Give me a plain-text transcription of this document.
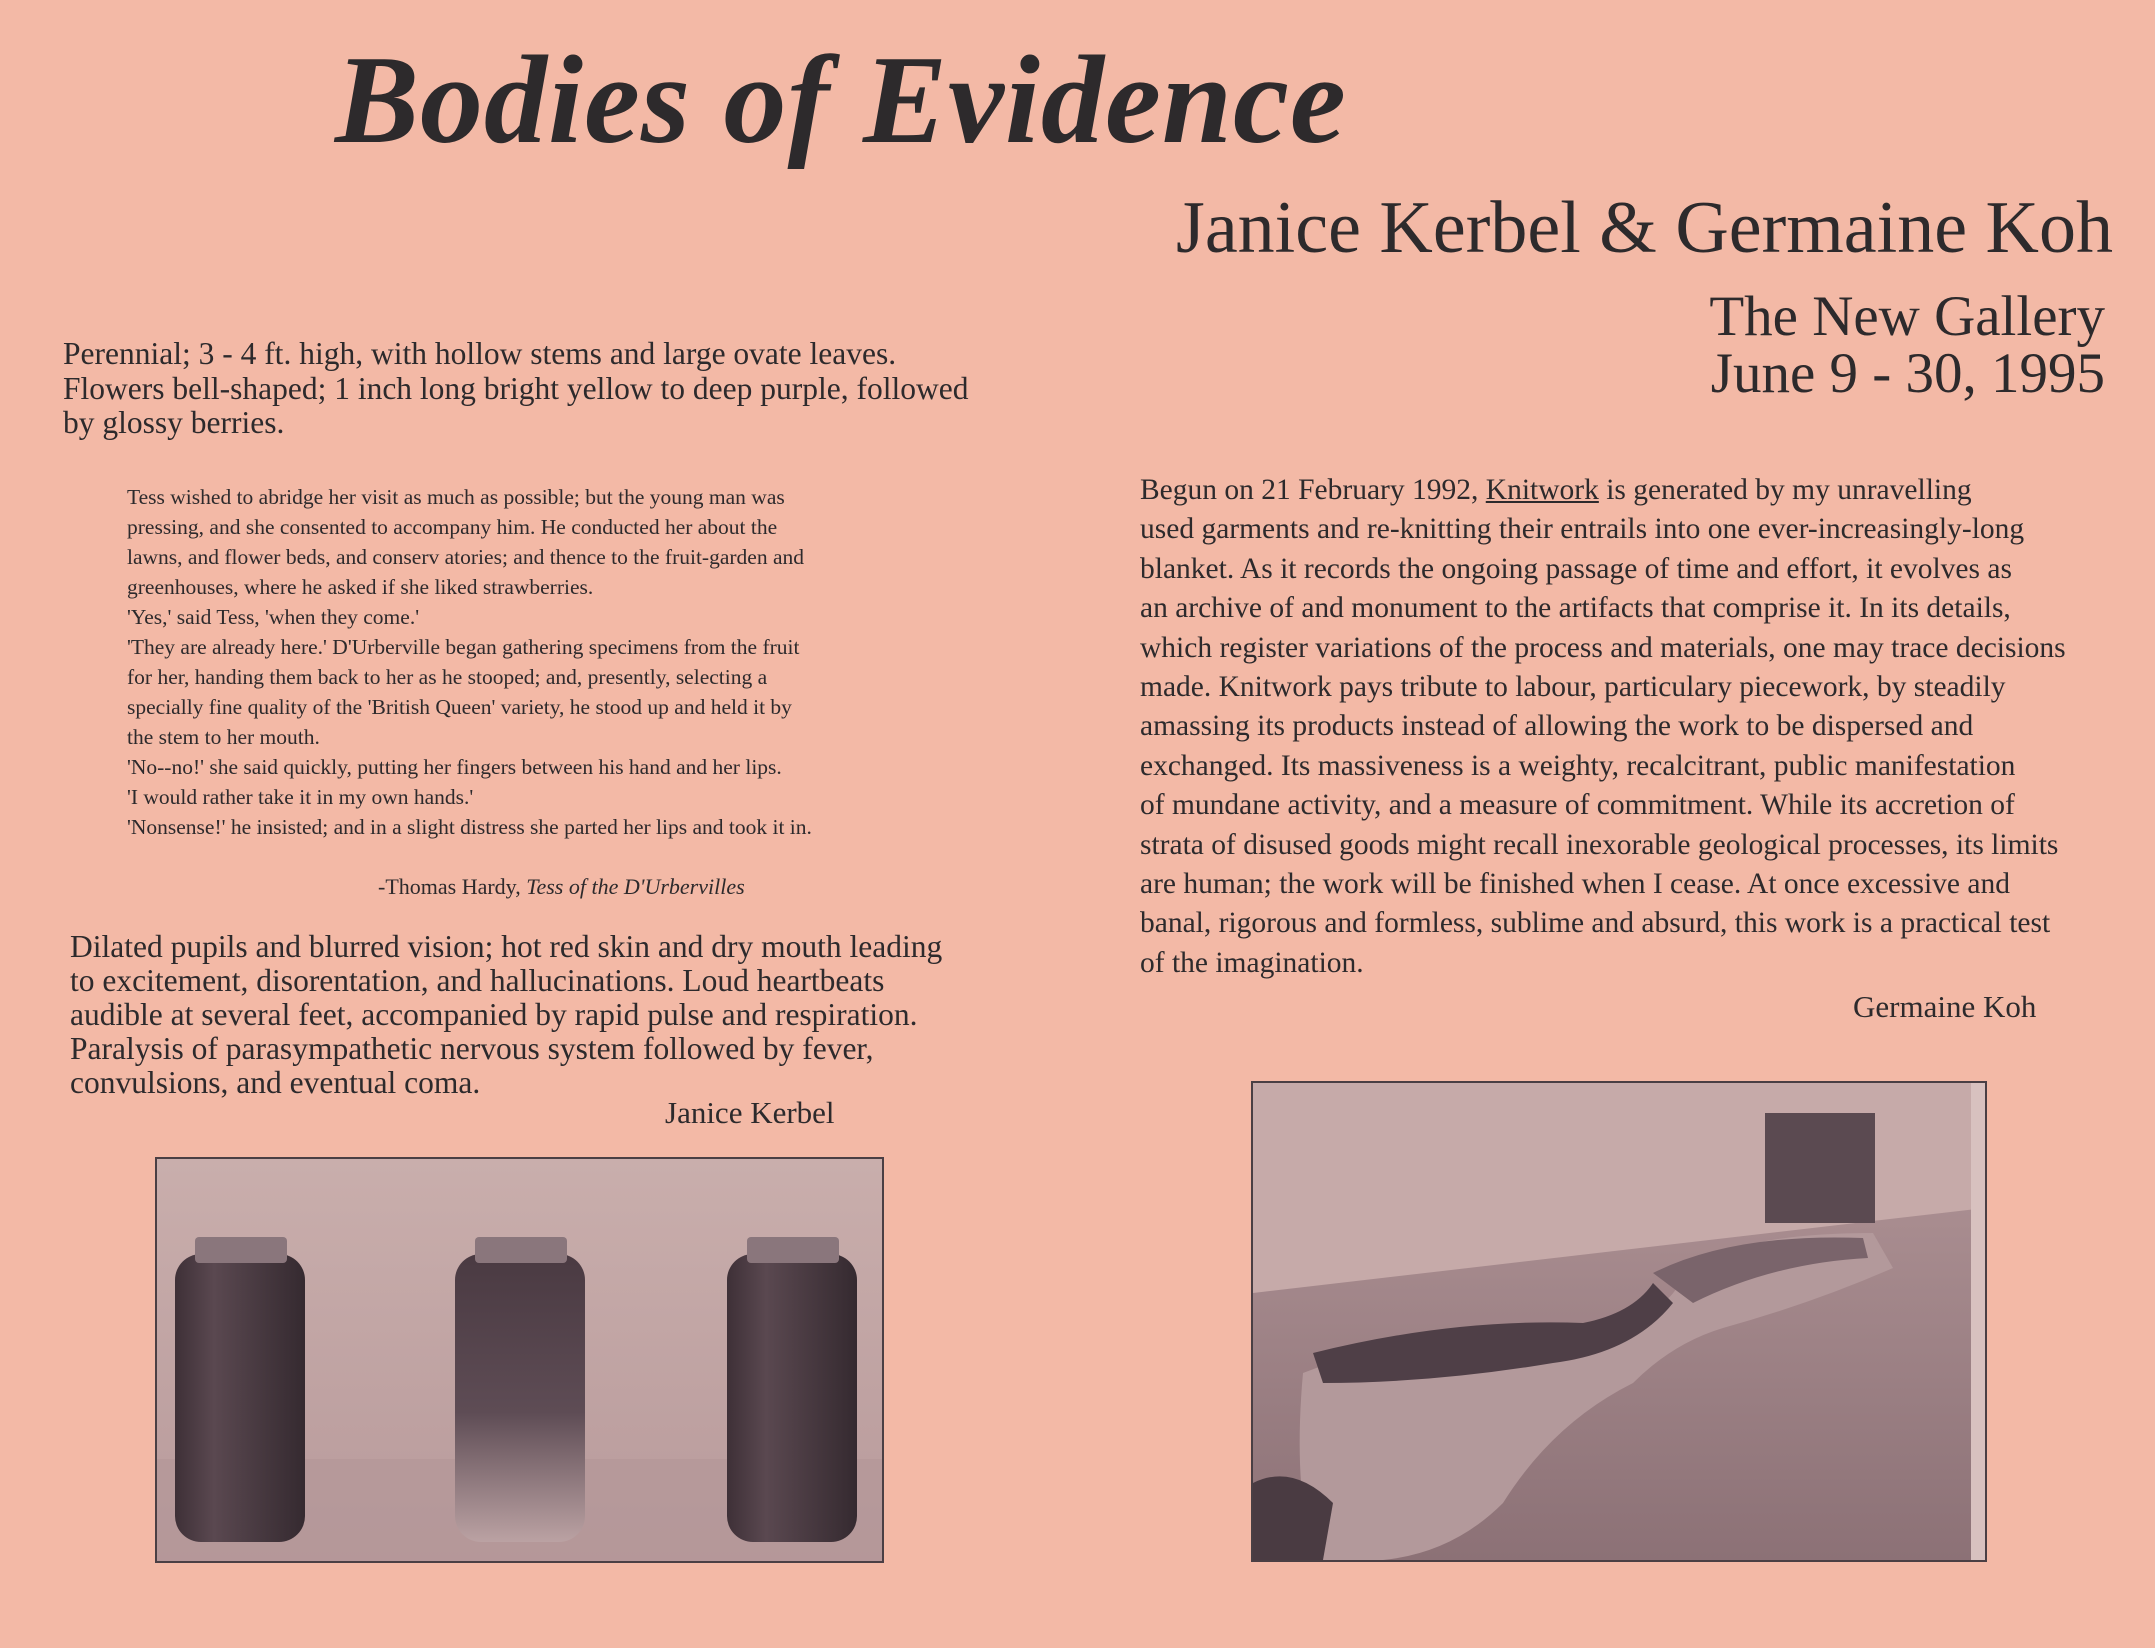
Bodies of Evidence
Janice Kerbel & Germaine Koh
The New Gallery
June 9 - 30, 1995
Perennial; 3 - 4 ft. high, with hollow stems and large ovate leaves.
Flowers bell-shaped; 1 inch long bright yellow to deep purple, followed
by glossy berries.
Tess wished to abridge her visit as much as possible; but the young man was
pressing, and she consented to accompany him. He conducted her about the
lawns, and flower beds, and conserv atories; and thence to the fruit-garden and
greenhouses, where he asked if she liked strawberries.
'Yes,' said Tess, 'when they come.'
'They are already here.' D'Urberville began gathering specimens from the fruit
for her, handing them back to her as he stooped; and, presently, selecting a
specially fine quality of the 'British Queen' variety, he stood up and held it by
the stem to her mouth.
'No--no!' she said quickly, putting her fingers between his hand and her lips.
'I would rather take it in my own hands.'
'Nonsense!' he insisted; and in a slight distress she parted her lips and took it in.
-Thomas Hardy, Tess of the D'Urbervilles
Dilated pupils and blurred vision; hot red skin and dry mouth leading
to excitement, disorentation, and hallucinations. Loud heartbeats
audible at several feet, accompanied by rapid pulse and respiration.
Paralysis of parasympathetic nervous system followed by fever,
convulsions, and eventual coma.
Janice Kerbel
Begun on 21 February 1992, Knitwork is generated by my unravelling
used garments and re-knitting their entrails into one ever-increasingly-long
blanket. As it records the ongoing passage of time and effort, it evolves as
an archive of and monument to the artifacts that comprise it. In its details,
which register variations of the process and materials, one may trace decisions
made. Knitwork pays tribute to labour, particulary piecework, by steadily
amassing its products instead of allowing the work to be dispersed and
exchanged. Its massiveness is a weighty, recalcitrant, public manifestation
of mundane activity, and a measure of commitment. While its accretion of
strata of disused goods might recall inexorable geological processes, its limits
are human; the work will be finished when I cease. At once excessive and
banal, rigorous and formless, sublime and absurd, this work is a practical test
of the imagination.
Germaine Koh
